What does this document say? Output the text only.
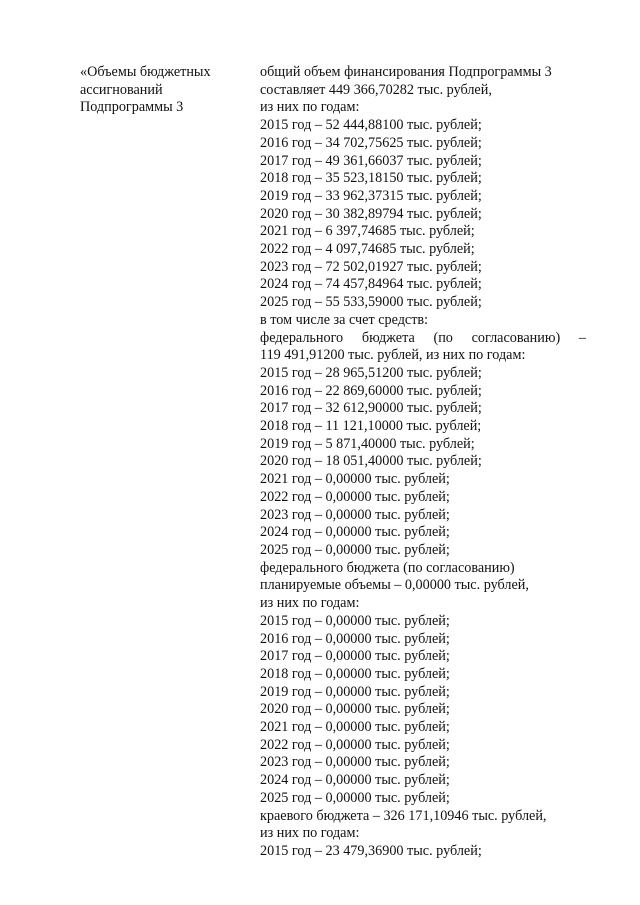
«Объемы бюджетных
ассигнований
Подпрограммы 3
общий объем финансирования Подпрограммы 3
составляет 449 366,70282 тыс. рублей,
из них по годам:
2015 год – 52 444,88100 тыс. рублей;
2016 год – 34 702,75625 тыс. рублей;
2017 год – 49 361,66037 тыс. рублей;
2018 год – 35 523,18150 тыс. рублей;
2019 год – 33 962,37315 тыс. рублей;
2020 год – 30 382,89794 тыс. рублей;
2021 год – 6 397,74685 тыс. рублей;
2022 год – 4 097,74685 тыс. рублей;
2023 год – 72 502,01927 тыс. рублей;
2024 год – 74 457,84964 тыс. рублей;
2025 год – 55 533,59000 тыс. рублей;
в том числе за счет средств:
федерального бюджета (по согласованию) –
119 491,91200 тыс. рублей, из них по годам:
2015 год – 28 965,51200 тыс. рублей;
2016 год – 22 869,60000 тыс. рублей;
2017 год – 32 612,90000 тыс. рублей;
2018 год – 11 121,10000 тыс. рублей;
2019 год – 5 871,40000 тыс. рублей;
2020 год – 18 051,40000 тыс. рублей;
2021 год – 0,00000 тыс. рублей;
2022 год – 0,00000 тыс. рублей;
2023 год – 0,00000 тыс. рублей;
2024 год – 0,00000 тыс. рублей;
2025 год – 0,00000 тыс. рублей;
федерального бюджета (по согласованию)
планируемые объемы – 0,00000 тыс. рублей,
из них по годам:
2015 год – 0,00000 тыс. рублей;
2016 год – 0,00000 тыс. рублей;
2017 год – 0,00000 тыс. рублей;
2018 год – 0,00000 тыс. рублей;
2019 год – 0,00000 тыс. рублей;
2020 год – 0,00000 тыс. рублей;
2021 год – 0,00000 тыс. рублей;
2022 год – 0,00000 тыс. рублей;
2023 год – 0,00000 тыс. рублей;
2024 год – 0,00000 тыс. рублей;
2025 год – 0,00000 тыс. рублей;
краевого бюджета – 326 171,10946 тыс. рублей,
из них по годам:
2015 год – 23 479,36900 тыс. рублей;
